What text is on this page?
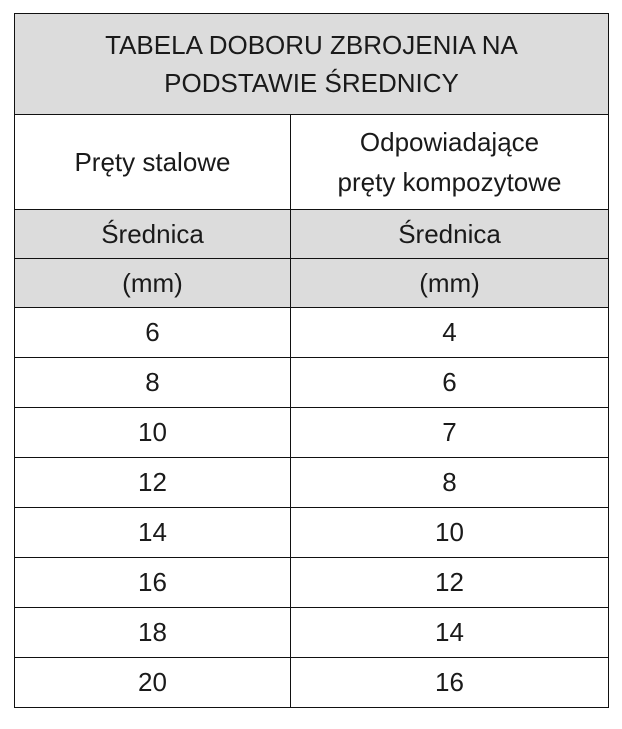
TABELA DOBORU ZBROJENIA NA
PODSTAWIE ŚREDNICY	

Pręty stalowe	Odpowiadające
pręty kompozytowe

Średnica	Średnica
(mm)	(mm)
6	4
8	6
10	7
12	8
14	10
16	12
18	14
20	16
